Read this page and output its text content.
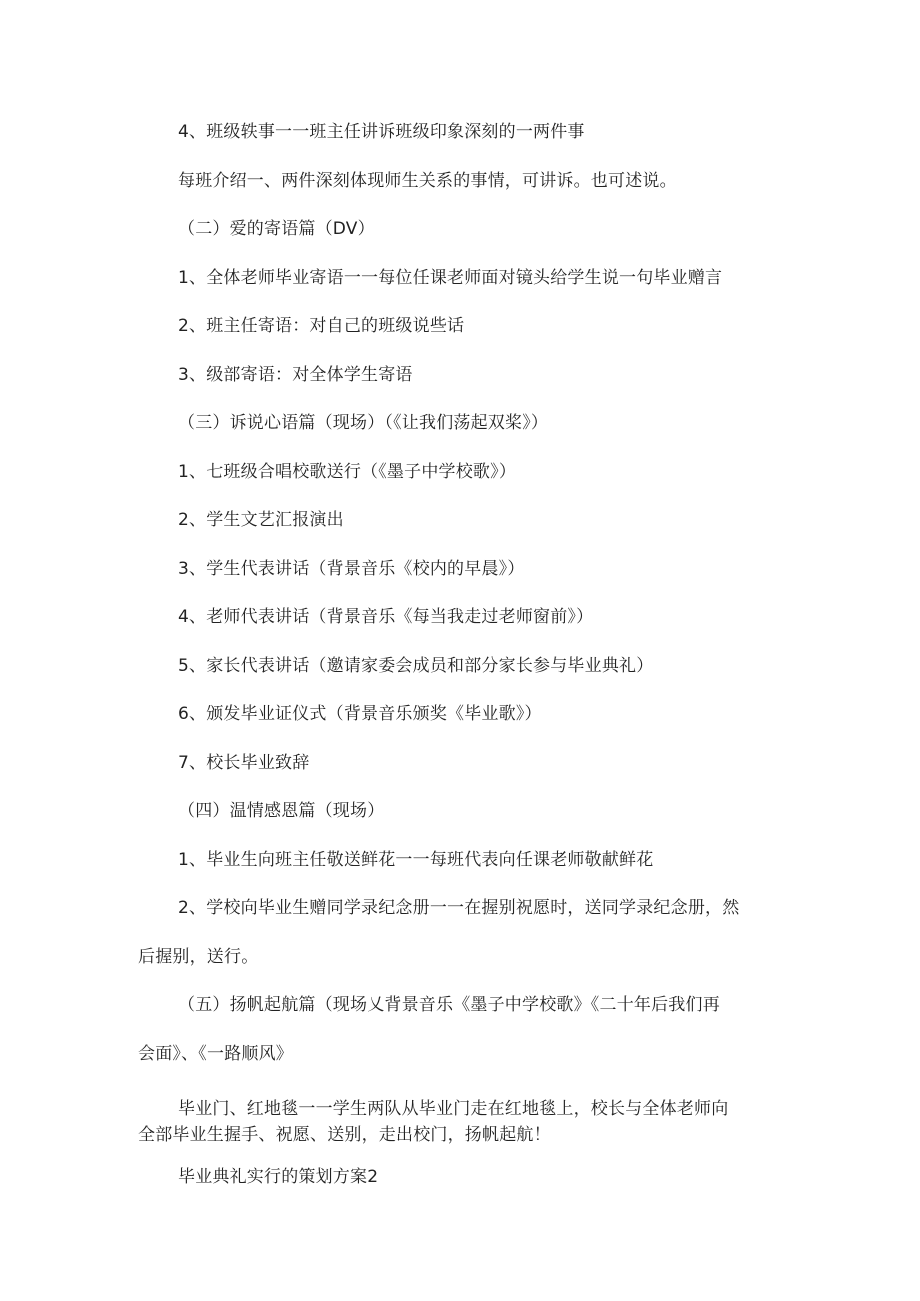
4、班级轶事一一班主任讲诉班级印象深刻的一两件事
每班介绍一、两件深刻体现师生关系的事情，可讲诉。也可述说。
（二）爱的寄语篇（DV）
1、全体老师毕业寄语一一每位任课老师面对镜头给学生说一句毕业赠言
2、班主任寄语：对自己的班级说些话
3、级部寄语：对全体学生寄语
（三）诉说心语篇（现场）（《让我们荡起双桨》）
1、七班级合唱校歌送行（《墨子中学校歌》）
2、学生文艺汇报演出
3、学生代表讲话（背景音乐《校内的早晨》）
4、老师代表讲话（背景音乐《每当我走过老师窗前》）
5、家长代表讲话（邀请家委会成员和部分家长参与毕业典礼）
6、颁发毕业证仪式（背景音乐颁奖《毕业歌》）
7、校长毕业致辞
（四）温情感恩篇（现场）
1、毕业生向班主任敬送鲜花一一每班代表向任课老师敬献鲜花
2、学校向毕业生赠同学录纪念册一一在握别祝愿时，送同学录纪念册，然
后握别，送行。
（五）扬帆起航篇（现场乂背景音乐《墨子中学校歌》《二十年后我们再
会面》、《一路顺风》
毕业门、红地毯一一学生两队从毕业门走在红地毯上，校长与全体老师向
全部毕业生握手、祝愿、送别，走出校门，扬帆起航！
毕业典礼实行的策划方案2
